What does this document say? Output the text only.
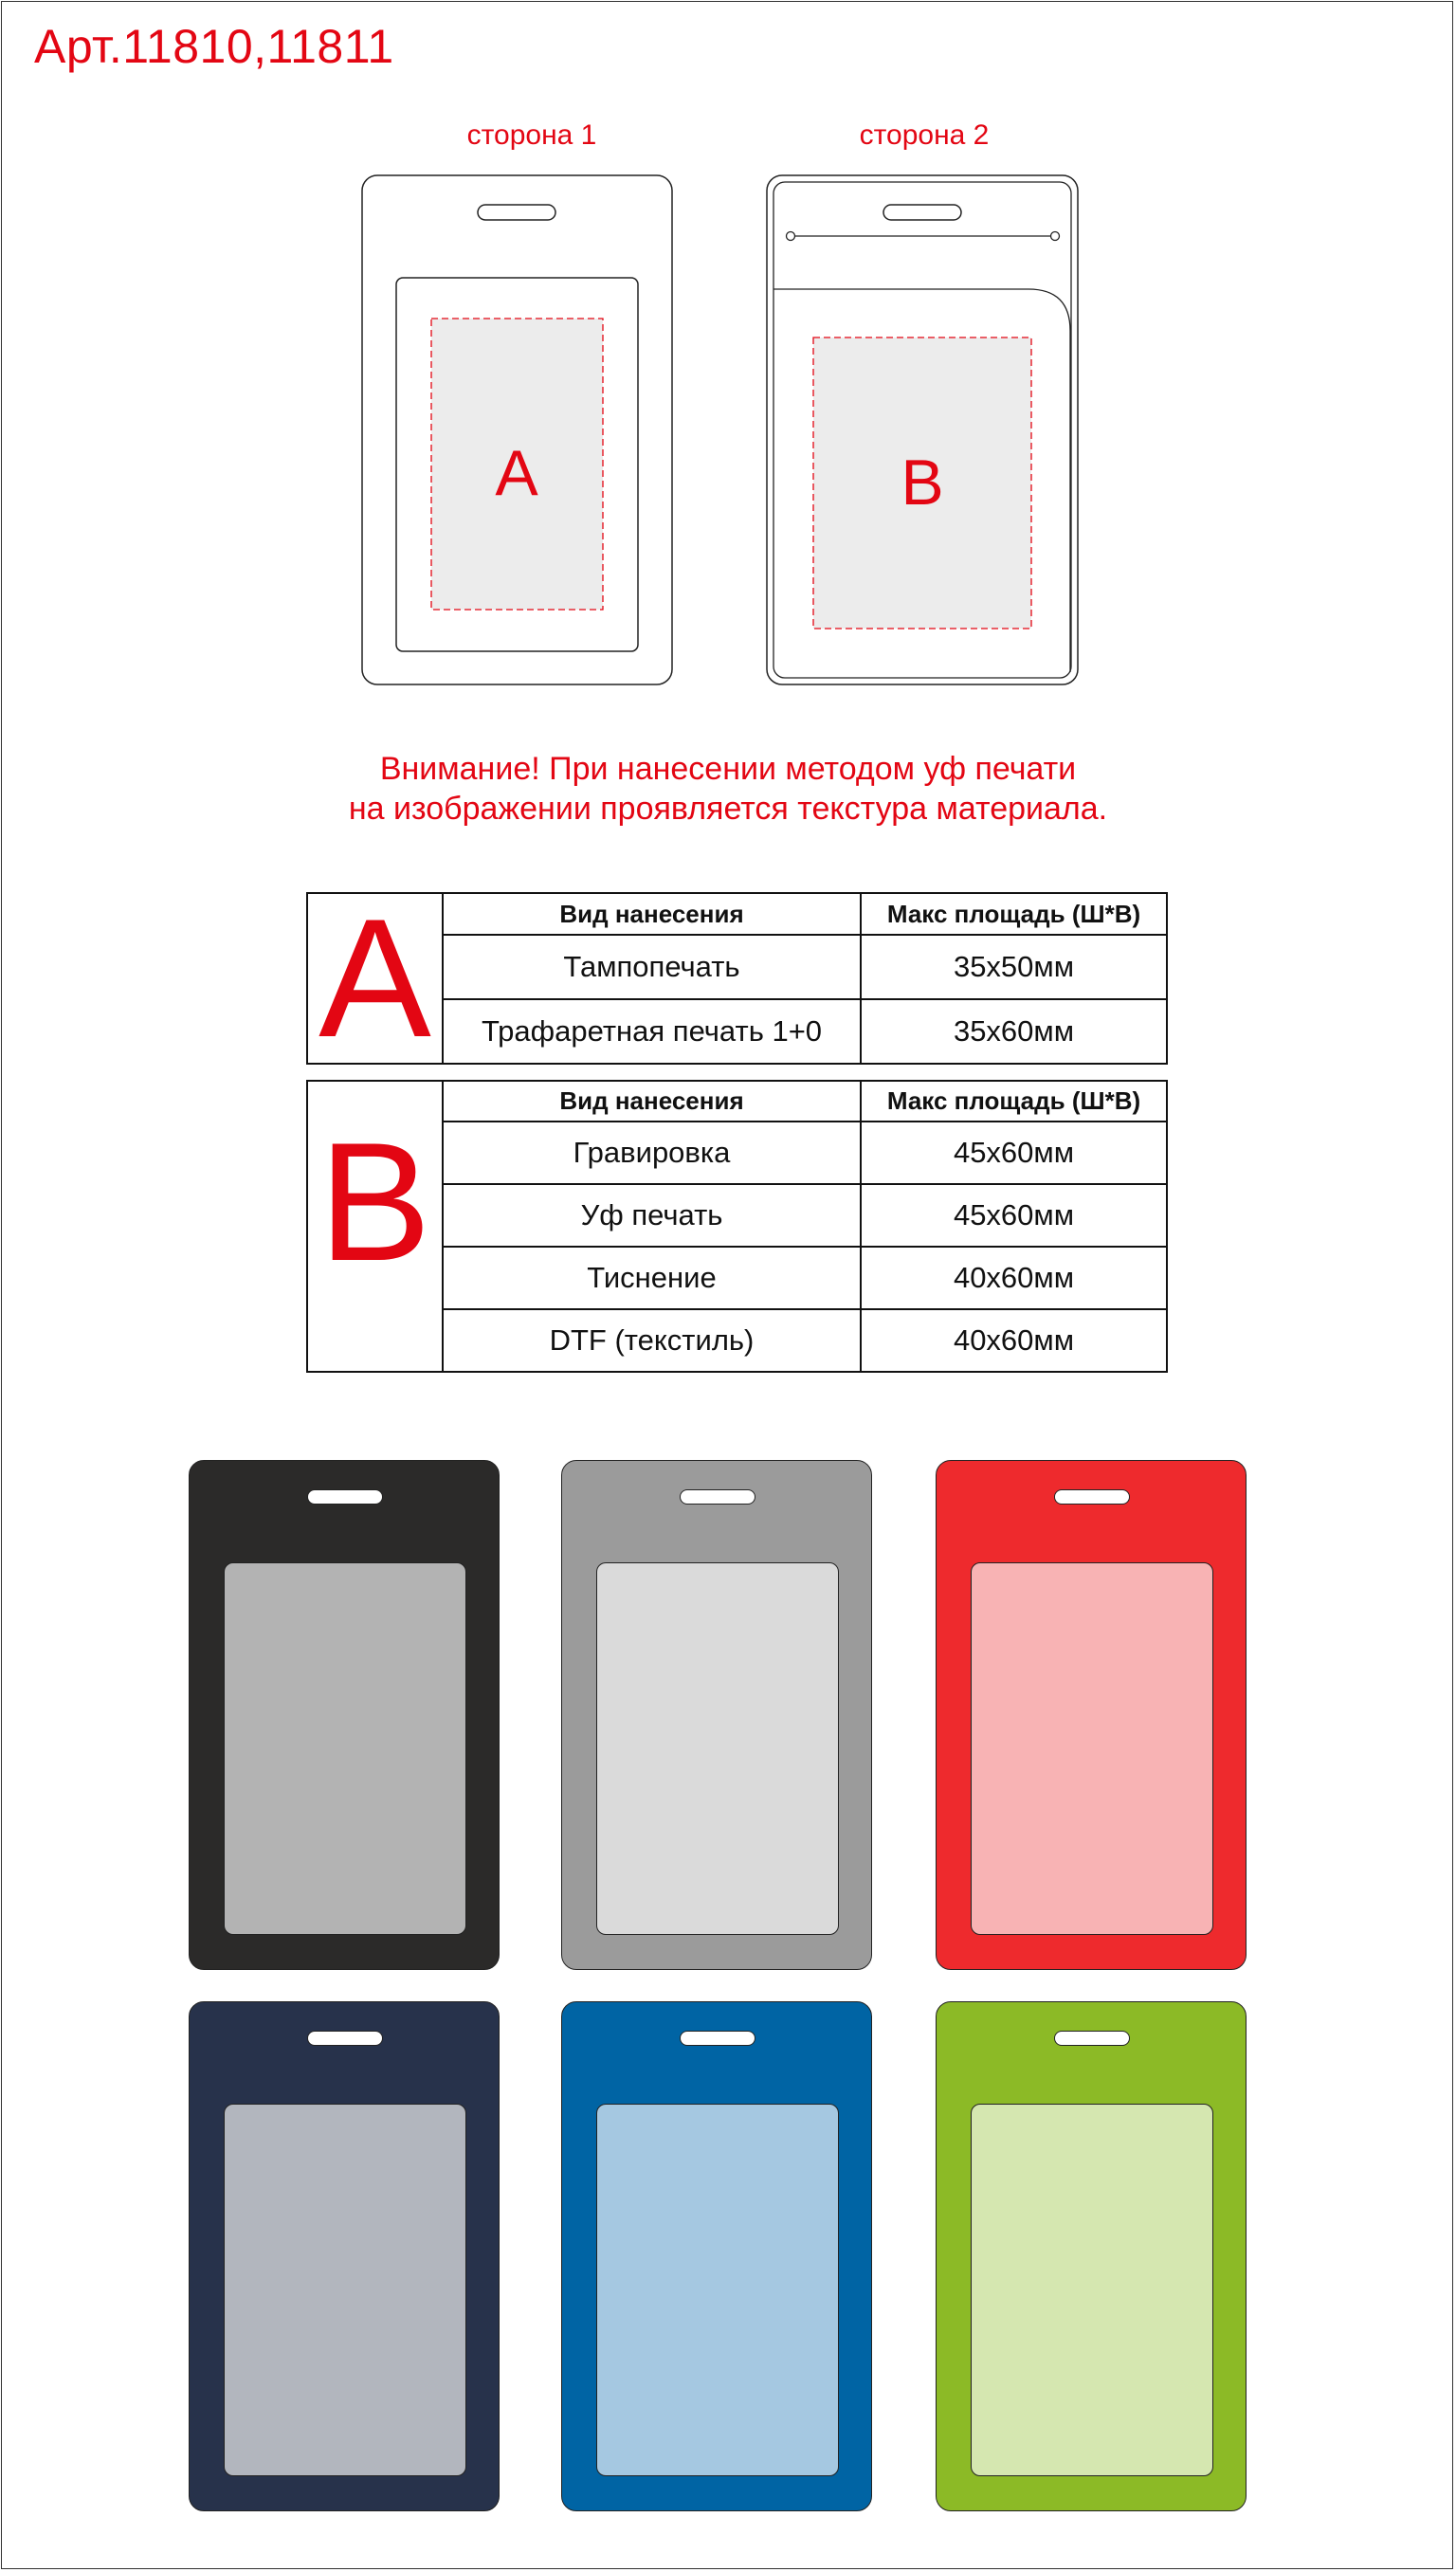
Арт.11810,11811
сторона 1	сторона 2
A	B
Внимание! При нанесении методом уф печати
на изображении проявляется текстура материала.
A	Вид нанесения	Макс площадь (Ш*В)
	Тампопечать	35x50мм
	Трафаретная печать 1+0	35x60мм
B	Вид нанесения	Макс площадь (Ш*В)
	Гравировка	45x60мм
	Уф печать	45x60мм
	Тиснение	40x60мм
	DTF (текстиль)	40x60мм
